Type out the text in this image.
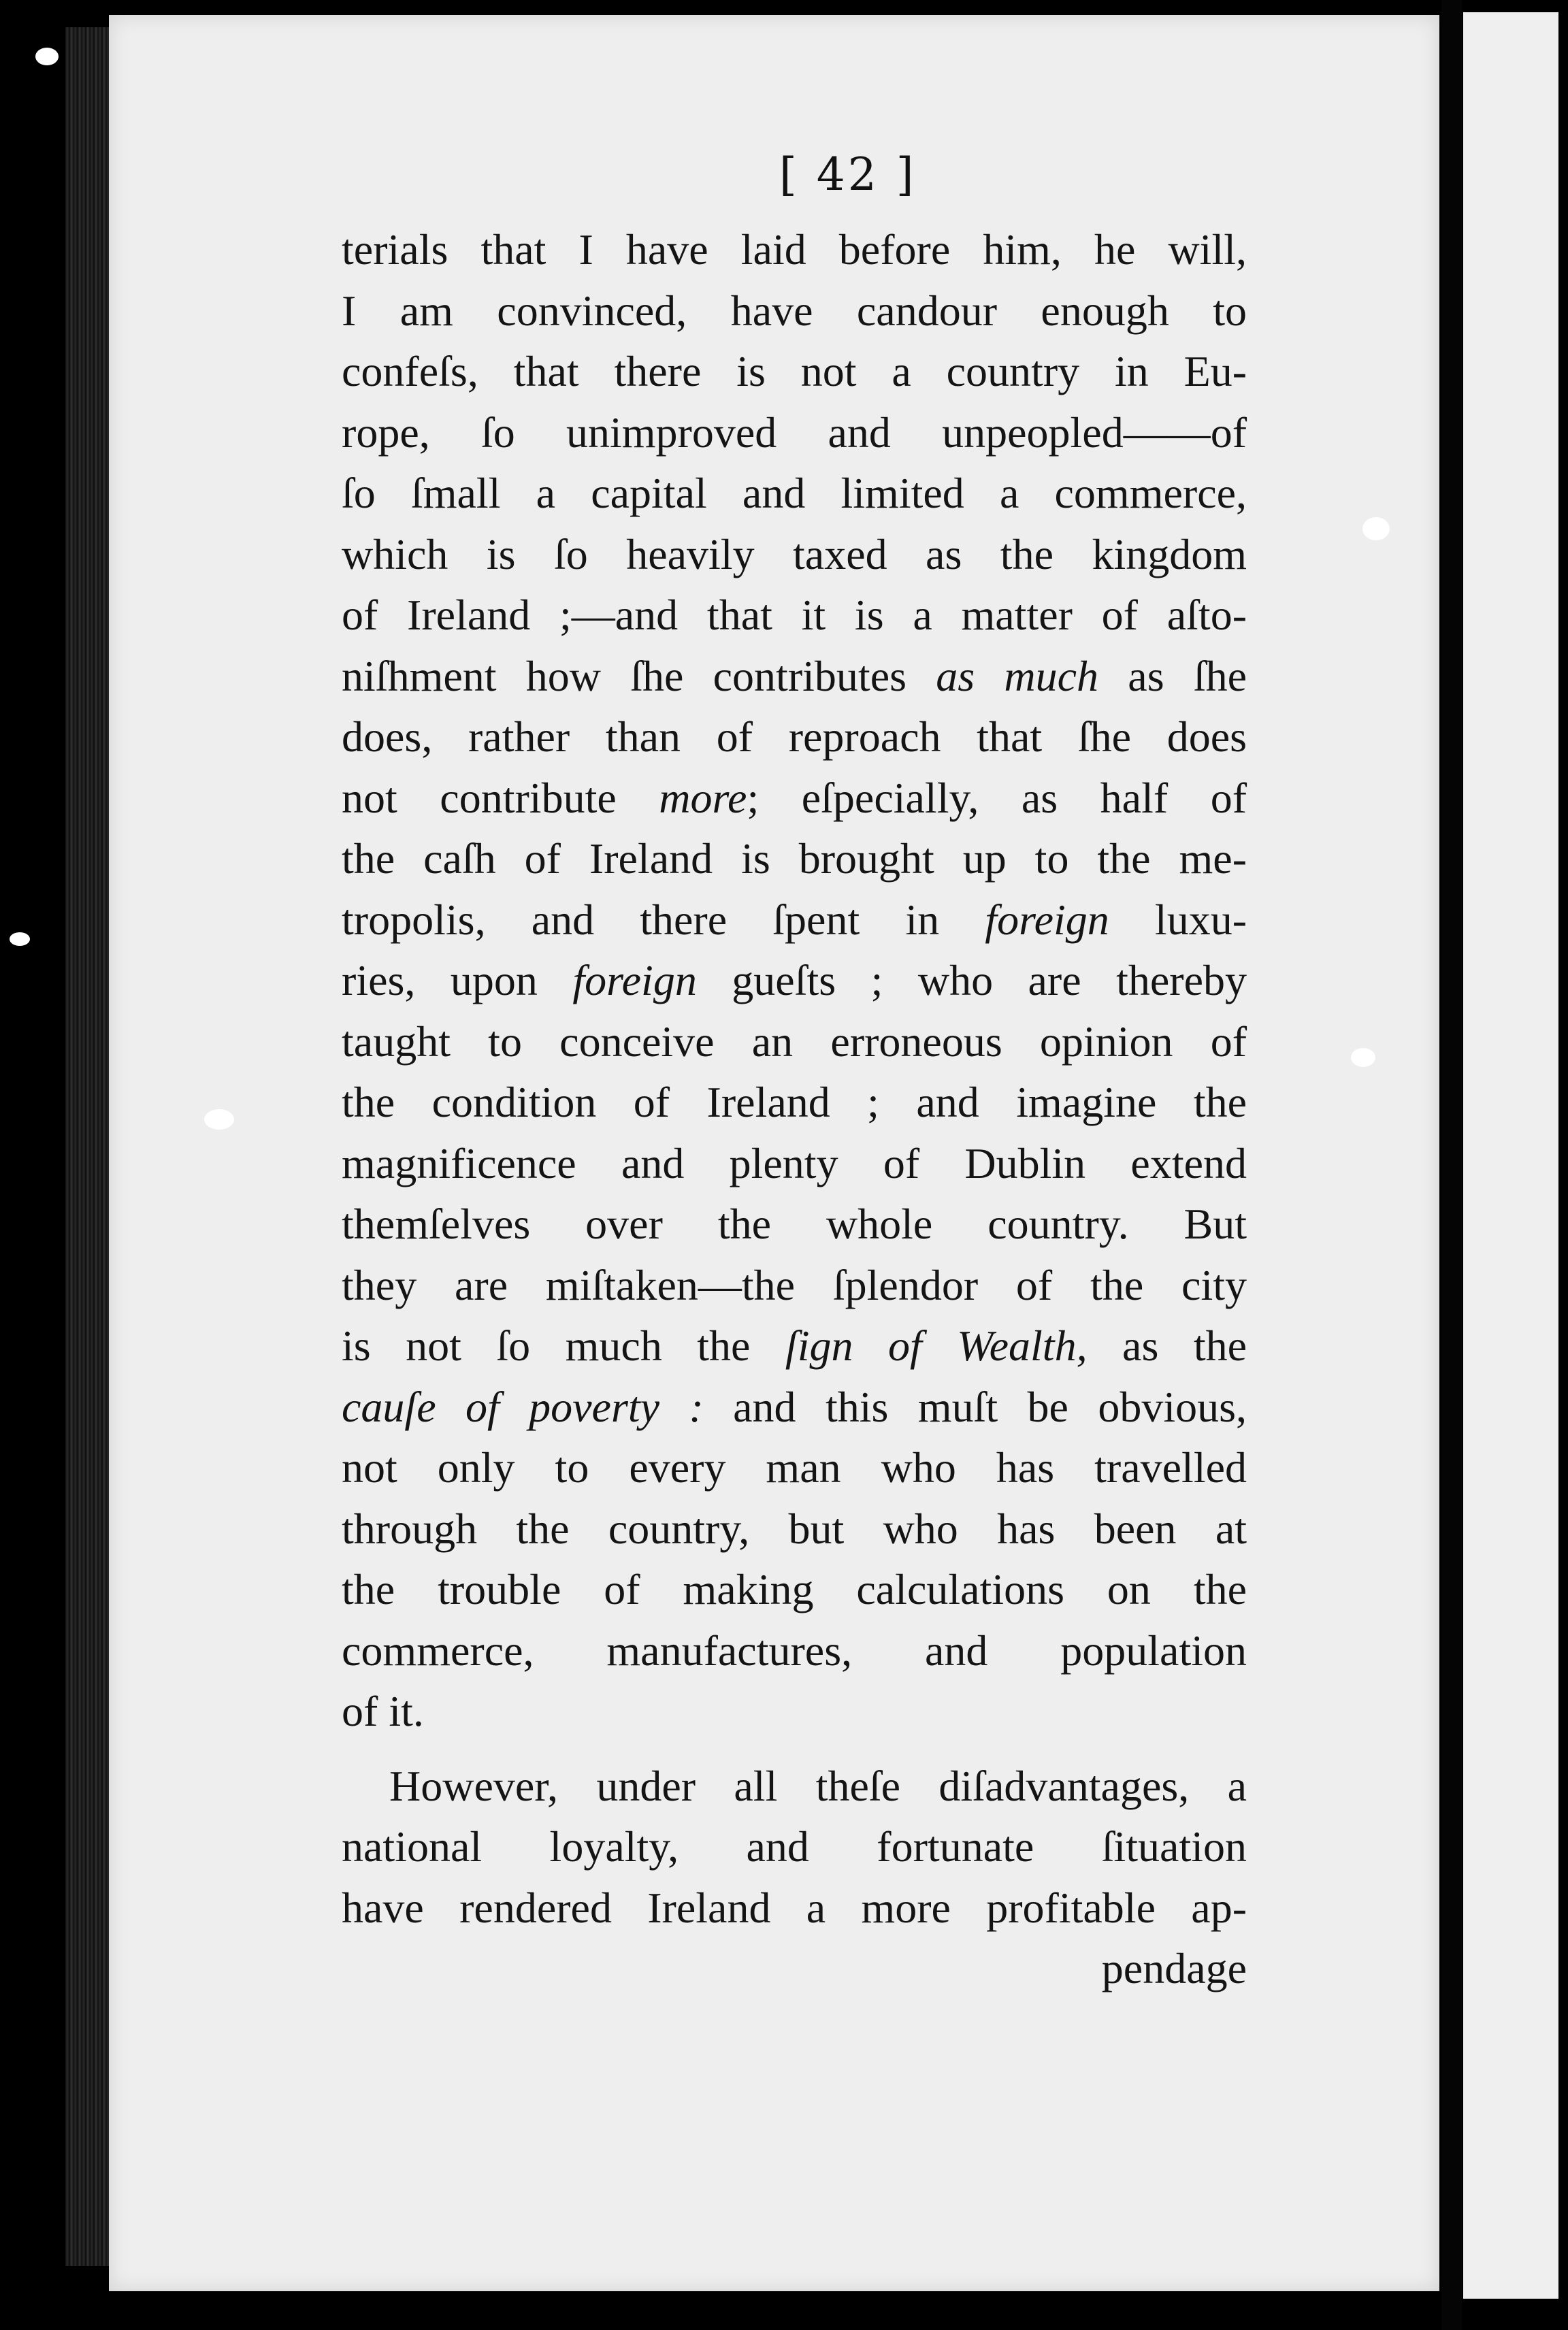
[ 42 ]
terials that I have laid before him, he will,
I am convinced, have candour enough to
confeſs, that there is not a country in Eu-
rope, ſo unimproved and unpeopled——of
ſo ſmall a capital and limited a commerce,
which is ſo heavily taxed as the kingdom
of Ireland ;—and that it is a matter of aſto-
niſhment how ſhe contributes as much as ſhe
does, rather than of reproach that ſhe does
not contribute more; eſpecially, as half of
the caſh of Ireland is brought up to the me-
tropolis, and there ſpent in foreign luxu-
ries, upon foreign gueſts ; who are thereby
taught to conceive an erroneous opinion of
the condition of Ireland ; and imagine the
magnificence and plenty of Dublin extend
themſelves over the whole country. But
they are miſtaken—the ſplendor of the city
is not ſo much the ſign of Wealth, as the
cauſe of poverty : and this muſt be obvious,
not only to every man who has travelled
through the country, but who has been at
the trouble of making calculations on the
commerce, manufactures, and population
of it.
However, under all theſe diſadvantages, a
national loyalty, and fortunate ſituation
have rendered Ireland a more profitable ap-
pendage
